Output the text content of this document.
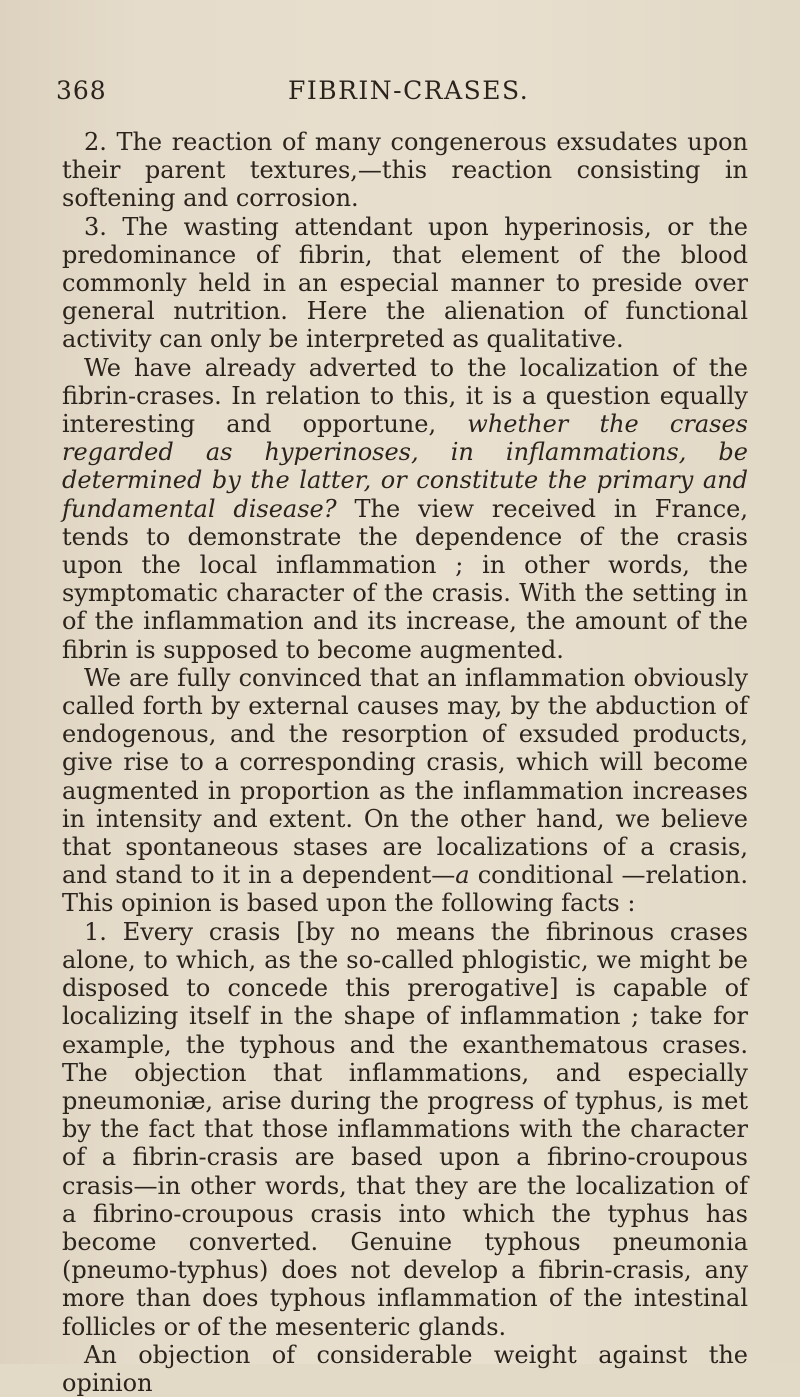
368	FIBRIN-CRASES.

2. The reaction of many congenerous exsudates upon their parent textures,—this reaction consisting in softening and corrosion.

3. The wasting attendant upon hyperinosis, or the predominance of fibrin, that element of the blood commonly held in an especial manner to preside over general nutrition. Here the alienation of functional activity can only be interpreted as qualitative.

We have already adverted to the localization of the fibrin-crases. In relation to this, it is a question equally interesting and opportune, whether the crases regarded as hyperinoses, in inflammations, be determined by the latter, or constitute the primary and fundamental disease? The view received in France, tends to demonstrate the dependence of the crasis upon the local inflammation ; in other words, the symptomatic character of the crasis. With the setting in of the inflammation and its increase, the amount of the fibrin is supposed to become augmented.

We are fully convinced that an inflammation obviously called forth by external causes may, by the abduction of endogenous, and the resorption of exsuded products, give rise to a corresponding crasis, which will become augmented in proportion as the inflammation increases in intensity and extent. On the other hand, we believe that spontaneous stases are localizations of a crasis, and stand to it in a dependent—a conditional —relation. This opinion is based upon the following facts :

1. Every crasis [by no means the fibrinous crases alone, to which, as the so-called phlogistic, we might be disposed to concede this prerogative] is capable of localizing itself in the shape of inflammation ; take for example, the typhous and the exanthematous crases. The objection that inflammations, and especially pneumoniæ, arise during the progress of typhus, is met by the fact that those inflammations with the character of a fibrin-crasis are based upon a fibrino-croupous crasis—in other words, that they are the localization of a fibrino-croupous crasis into which the typhus has become converted. Genuine typhous pneumonia (pneumo-typhus) does not develop a fibrin-crasis, any more than does typhous inflammation of the intestinal follicles or of the mesenteric glands.

An objection of considerable weight against the opinion
